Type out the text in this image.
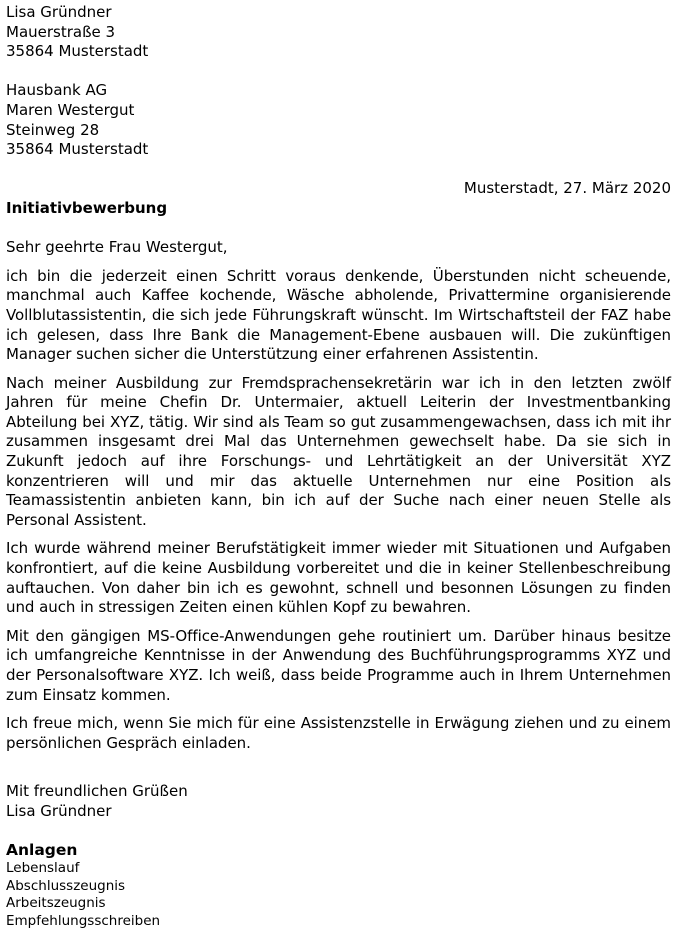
Lisa Gründner
Mauerstraße 3
35864 Musterstadt
Hausbank AG
Maren Westergut
Steinweg 28
35864 Musterstadt
Musterstadt, 27. März 2020
Initiativbewerbung
Sehr geehrte Frau Westergut,

ich bin die jederzeit einen Schritt voraus denkende, Überstunden nicht scheuende, manchmal auch Kaffee kochende, Wäsche abholende, Privattermine organisierende Vollblutassistentin, die sich jede Führungskraft wünscht. Im Wirtschaftsteil der FAZ habe ich gelesen, dass Ihre Bank die Management-Ebene ausbauen will. Die zukünftigen Manager suchen sicher die Unterstützung einer erfahrenen Assistentin.

Nach meiner Ausbildung zur Fremdsprachensekretärin war ich in den letzten zwölf Jahren für meine Chefin Dr. Untermaier, aktuell Leiterin der Investmentbanking Abteilung bei XYZ, tätig. Wir sind als Team so gut zusammengewachsen, dass ich mit ihr zusammen insgesamt drei Mal das Unternehmen gewechselt habe. Da sie sich in Zukunft jedoch auf ihre Forschungs- und Lehrtätigkeit an der Universität XYZ konzentrieren will und mir das aktuelle Unternehmen nur eine Position als Teamassistentin anbieten kann, bin ich auf der Suche nach einer neuen Stelle als Personal Assistent.

Ich wurde während meiner Berufstätigkeit immer wieder mit Situationen und Aufgaben konfrontiert, auf die keine Ausbildung vorbereitet und die in keiner Stellenbeschreibung auftauchen. Von daher bin ich es gewohnt, schnell und besonnen Lösungen zu finden und auch in stressigen Zeiten einen kühlen Kopf zu bewahren.

Mit den gängigen MS-Office-Anwendungen gehe routiniert um. Darüber hinaus besitze ich umfangreiche Kenntnisse in der Anwendung des Buchführungsprogramms XYZ und der Personalsoftware XYZ. Ich weiß, dass beide Programme auch in Ihrem Unternehmen zum Einsatz kommen.

Ich freue mich, wenn Sie mich für eine Assistenzstelle in Erwägung ziehen und zu einem persönlichen Gespräch einladen.

Mit freundlichen Grüßen
Lisa Gründner
Anlagen
Lebenslauf
Abschlusszeugnis
Arbeitszeugnis
Empfehlungsschreiben
